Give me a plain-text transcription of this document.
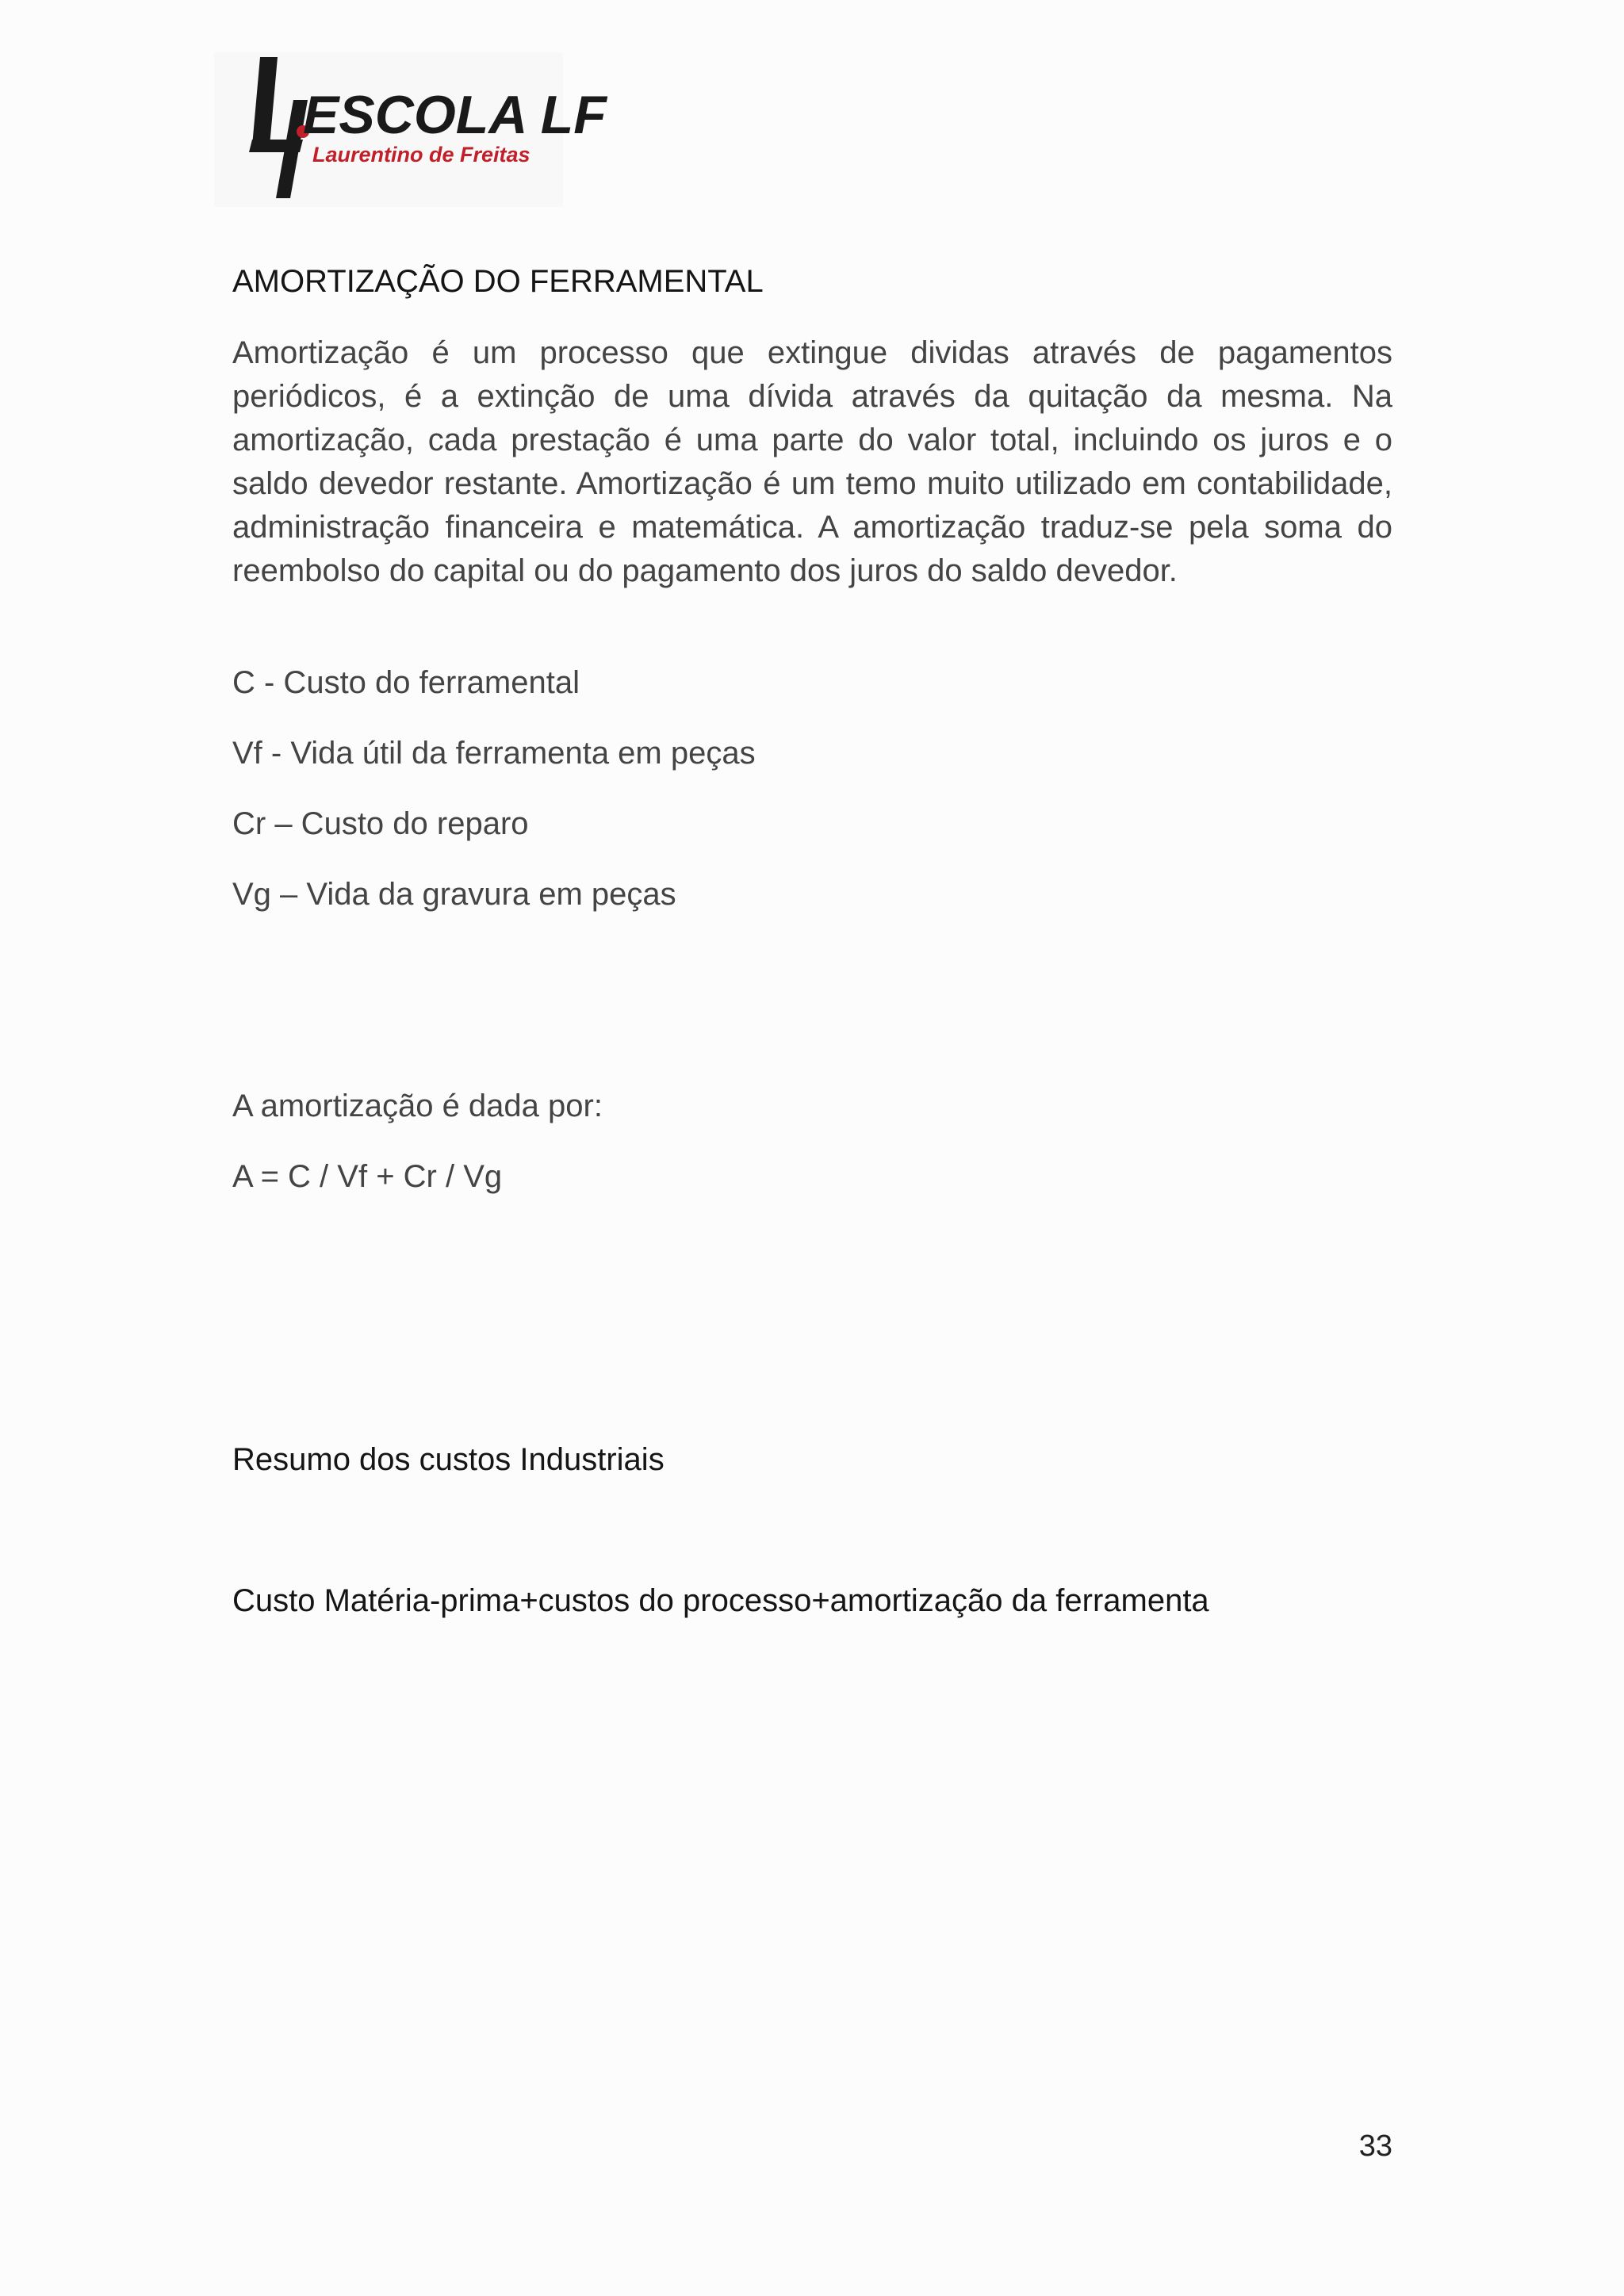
ESCOLA LF
Laurentino de Freitas
AMORTIZAÇÃO DO FERRAMENTAL
Amortização é um processo que extingue dividas através de pagamentos periódicos, é a extinção de uma dívida através da quitação da mesma. Na amortização, cada prestação é uma parte do valor total, incluindo os juros e o saldo devedor restante. Amortização é um temo muito utilizado em contabilidade, administração financeira e matemática. A amortização traduz-se pela soma do reembolso do capital ou do pagamento dos juros do saldo devedor.
C - Custo do ferramental
Vf - Vida útil da ferramenta em peças
Cr – Custo do reparo
Vg – Vida da gravura em peças
A amortização é dada por:
A = C / Vf + Cr / Vg
Resumo dos custos Industriais
Custo Matéria-prima+custos do processo+amortização da ferramenta
33
